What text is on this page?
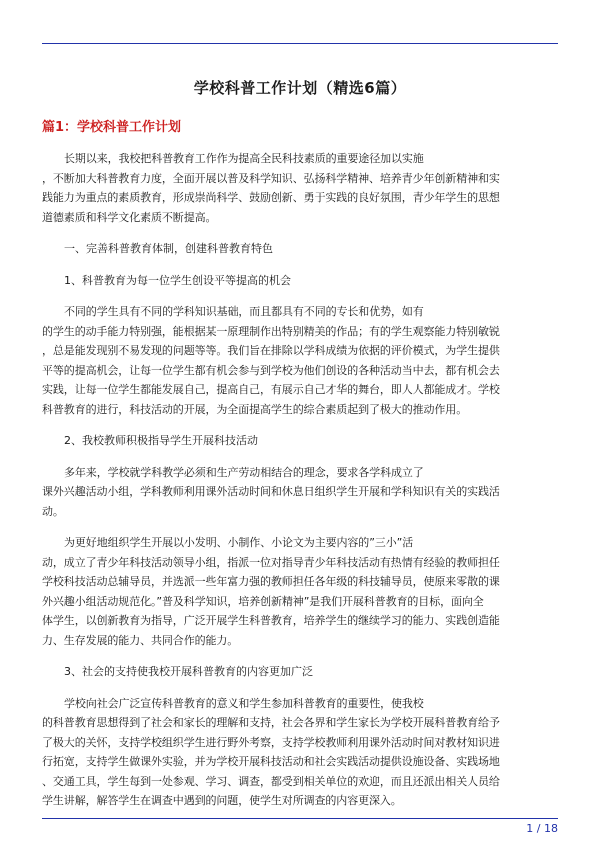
学校科普工作计划（精选6篇）
篇1：学校科普工作计划

长期以来，我校把科普教育工作作为提高全民科技素质的重要途径加以实施
，不断加大科普教育力度，全面开展以普及科学知识、弘扬科学精神、培养青少年创新精神和实
践能力为重点的素质教育，形成崇尚科学、鼓励创新、勇于实践的良好氛围，青少年学生的思想
道德素质和科学文化素质不断提高。

一、完善科普教育体制，创建科普教育特色

1、科普教育为每一位学生创设平等提高的机会

不同的学生具有不同的学科知识基础，而且都具有不同的专长和优势，如有
的学生的动手能力特别强，能根据某一原理制作出特别精美的作品；有的学生观察能力特别敏锐
，总是能发现别不易发现的问题等等。我们旨在排除以学科成绩为依据的评价模式，为学生提供
平等的提高机会，让每一位学生都有机会参与到学校为他们创设的各种活动当中去，都有机会去
实践，让每一位学生都能发展自己，提高自己，有展示自己才华的舞台，即人人都能成才。学校
科普教育的进行，科技活动的开展，为全面提高学生的综合素质起到了极大的推动作用。

2、我校教师积极指导学生开展科技活动

多年来，学校就学科教学必须和生产劳动相结合的理念，要求各学科成立了
课外兴趣活动小组，学科教师利用课外活动时间和休息日组织学生开展和学科知识有关的实践活
动。

为更好地组织学生开展以小发明、小制作、小论文为主要内容的”三小”活
动，成立了青少年科技活动领导小组，指派一位对指导青少年科技活动有热情有经验的教师担任
学校科技活动总辅导员，并选派一些年富力强的教师担任各年级的科技辅导员，使原来零散的课
外兴趣小组活动规范化。”普及科学知识，培养创新精神”是我们开展科普教育的目标，面向全
体学生，以创新教育为指导，广泛开展学生科普教育，培养学生的继续学习的能力、实践创造能
力、生存发展的能力、共同合作的能力。

3、社会的支持使我校开展科普教育的内容更加广泛

学校向社会广泛宣传科普教育的意义和学生参加科普教育的重要性，使我校
的科普教育思想得到了社会和家长的理解和支持，社会各界和学生家长为学校开展科普教育给予
了极大的关怀，支持学校组织学生进行野外考察，支持学校教师利用课外活动时间对教材知识进
行拓宽，支持学生做课外实验，并为学校开展科技活动和社会实践活动提供设施设备、实践场地
、交通工具，学生每到一处参观、学习、调查，都受到相关单位的欢迎，而且还派出相关人员给
学生讲解，解答学生在调查中遇到的问题，使学生对所调查的内容更深入。

1 / 18
